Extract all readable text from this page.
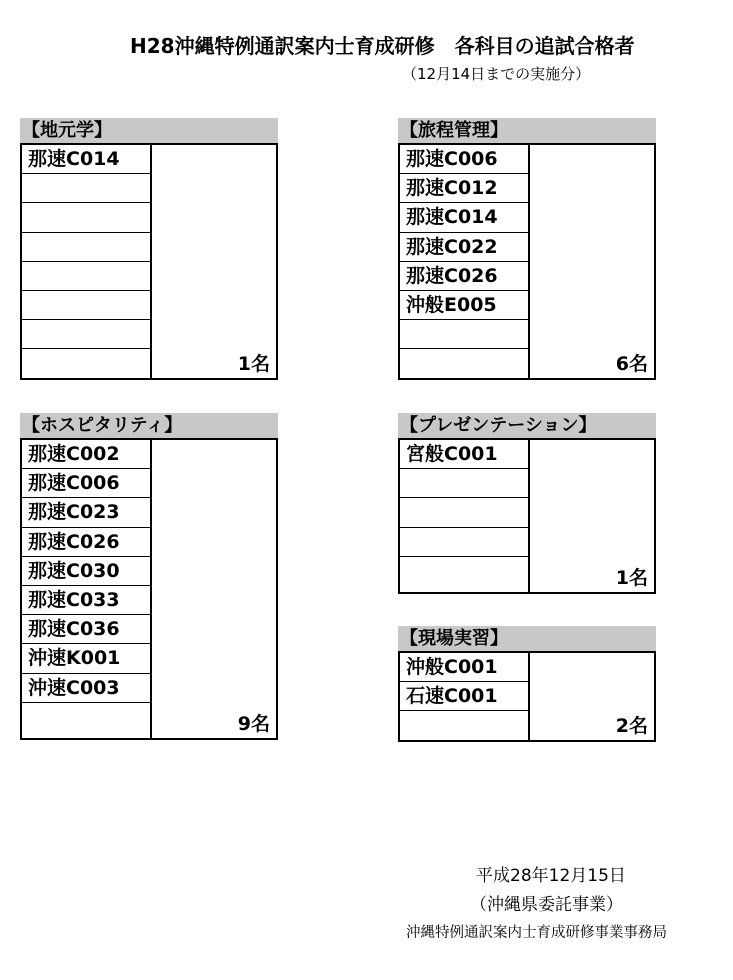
H28沖縄特例通訳案内士育成研修　各科目の追試合格者
（12月14日までの実施分）
【地元学】
那速C014
1名
【旅程管理】
那速C006
那速C012
那速C014
那速C022
那速C026
沖般E005
6名
【ホスピタリティ】
那速C002
那速C006
那速C023
那速C026
那速C030
那速C033
那速C036
沖速K001
沖速C003
9名
【プレゼンテーション】
宮般C001
1名
【現場実習】
沖般C001
石速C001
2名
平成28年12月15日
（沖縄県委託事業）
沖縄特例通訳案内士育成研修事業事務局
